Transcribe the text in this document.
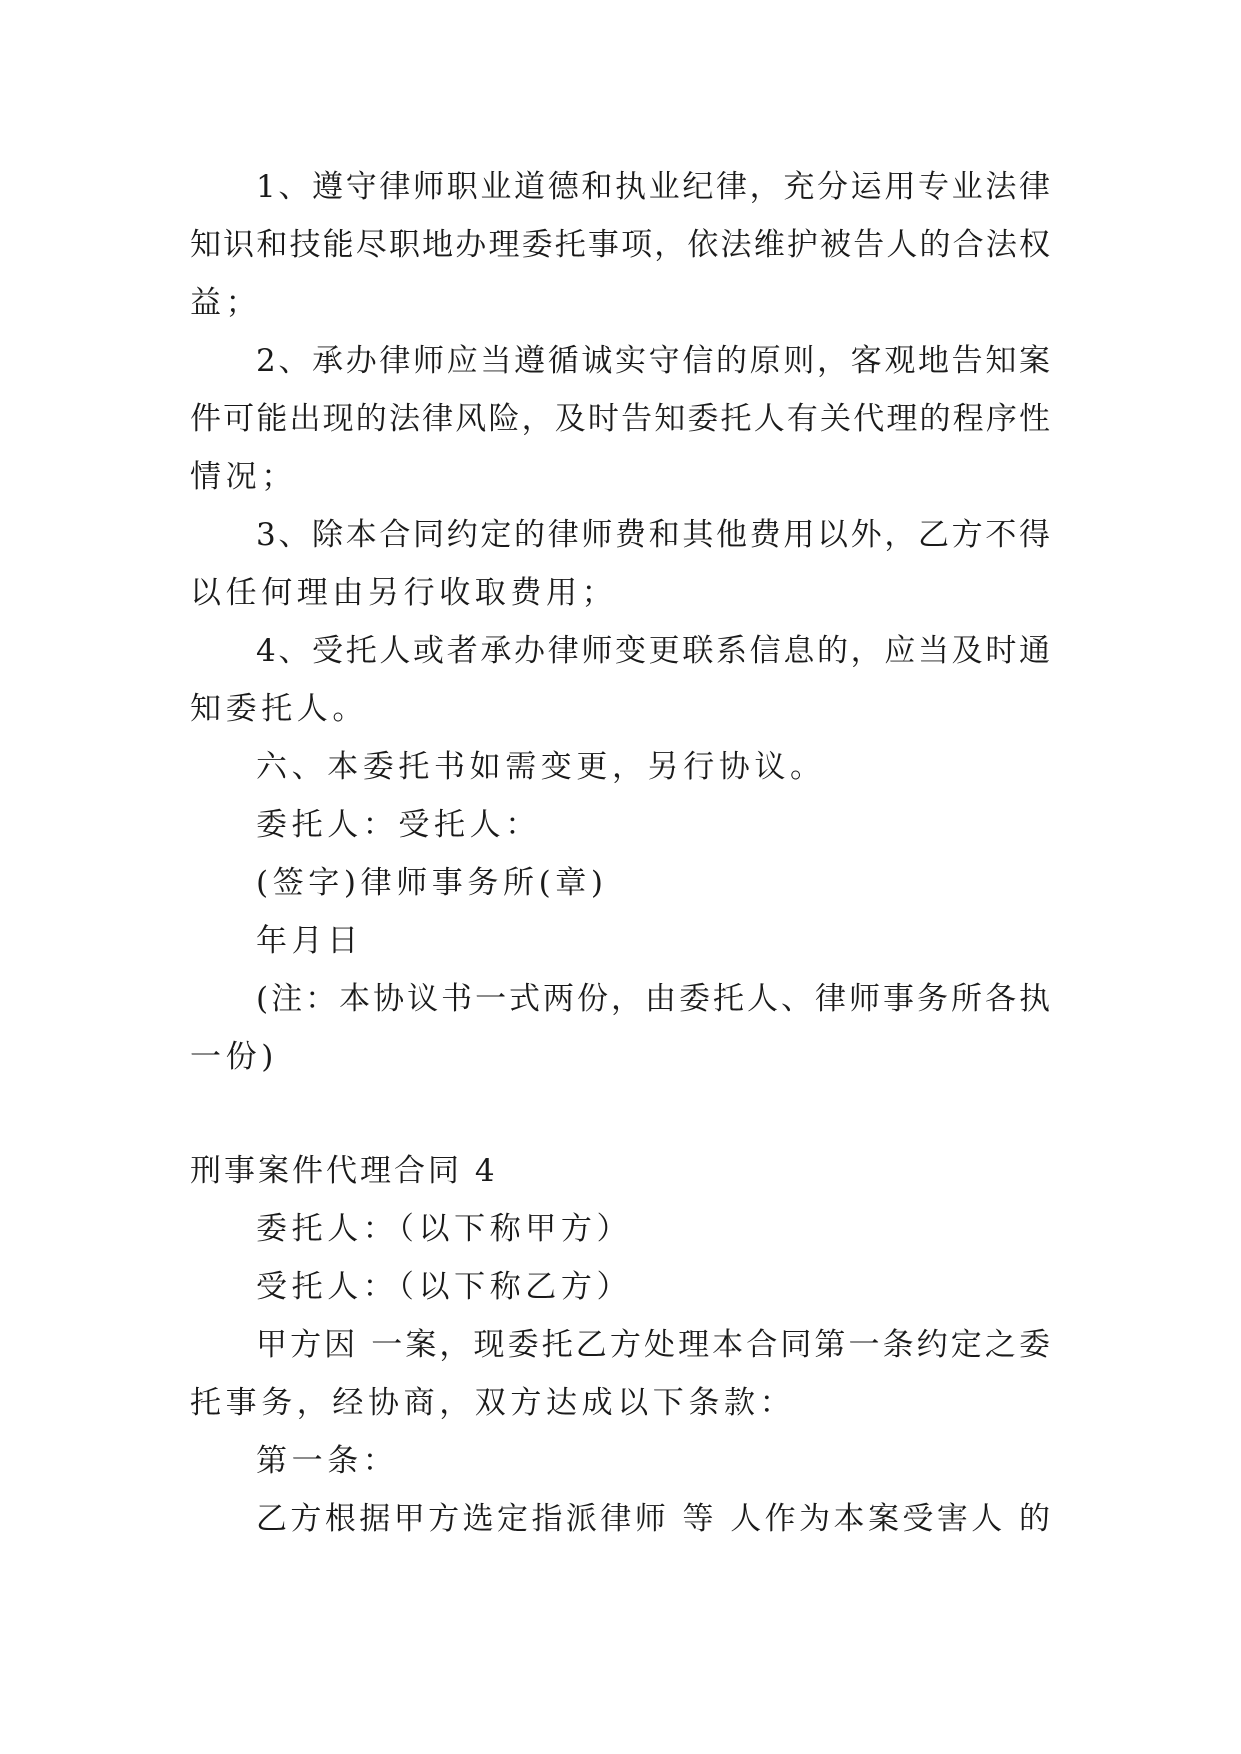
1、遵守律师职业道德和执业纪律，充分运用专业法律
知识和技能尽职地办理委托事项，依法维护被告人的合法权
益；
2、承办律师应当遵循诚实守信的原则，客观地告知案
件可能出现的法律风险，及时告知委托人有关代理的程序性
情况；
3、除本合同约定的律师费和其他费用以外，乙方不得
以任何理由另行收取费用；
4、受托人或者承办律师变更联系信息的，应当及时通
知委托人。
六、本委托书如需变更，另行协议。
委托人：受托人：
(签字)律师事务所(章)
年月日
(注：本协议书一式两份，由委托人、律师事务所各执
一份)
刑事案件代理合同 4
委托人：（以下称甲方）
受托人：（以下称乙方）
甲方因 一案，现委托乙方处理本合同第一条约定之委
托事务，经协商，双方达成以下条款：
第一条：
乙方根据甲方选定指派律师 等 人作为本案受害人 的
